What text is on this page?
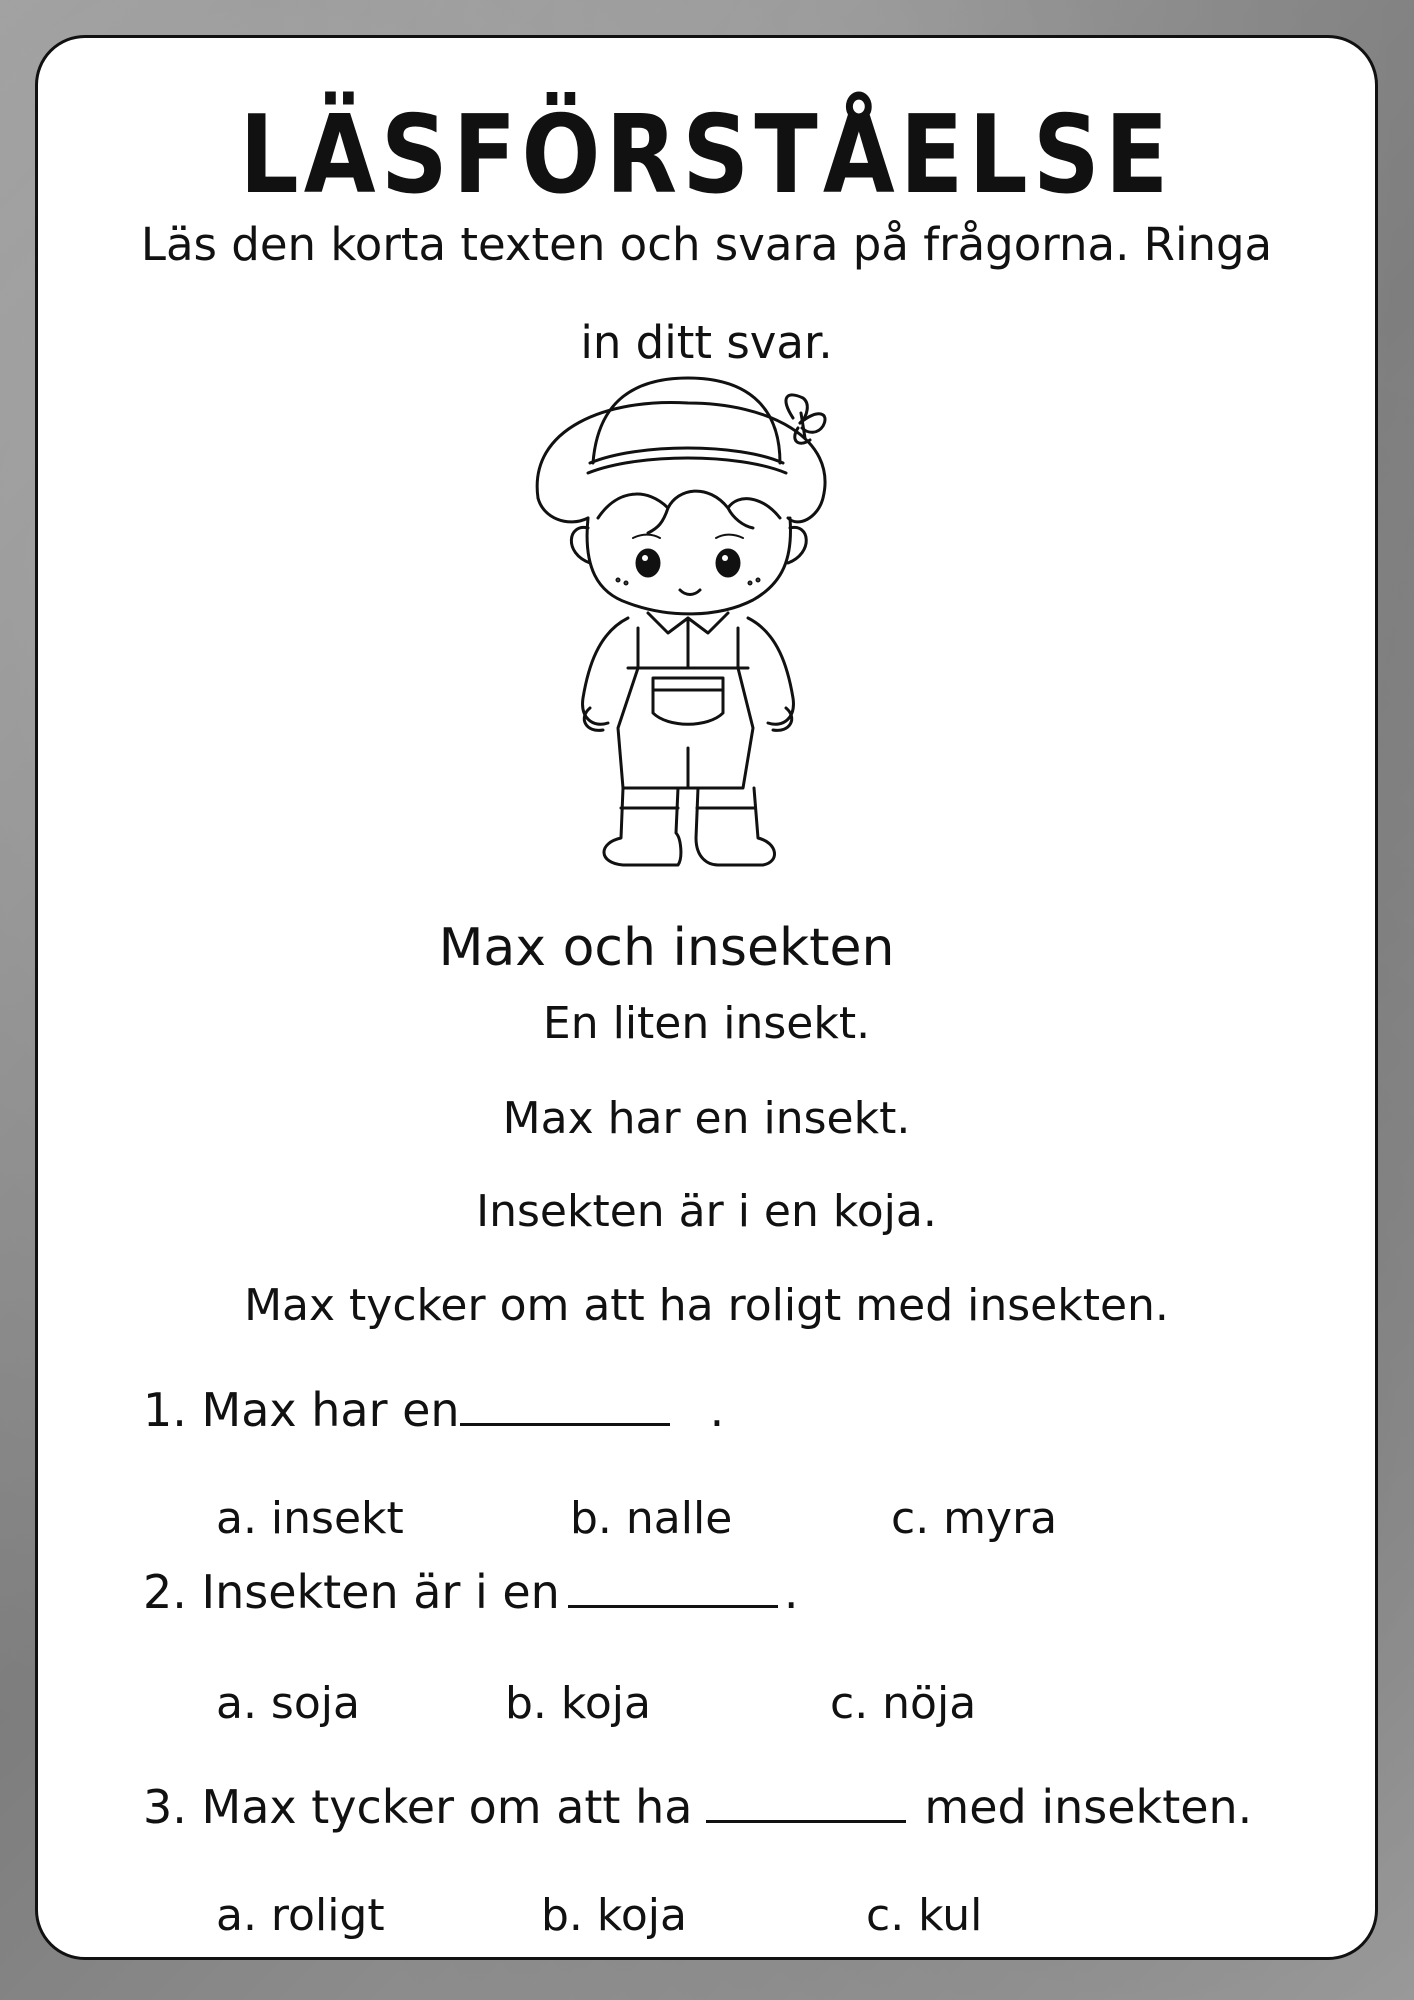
LÄSFÖRSTÅELSE
Läs den korta texten och svara på frågorna. Ringa
in ditt svar.
Max och insekten
En liten insekt.
Max har en insekt.
Insekten är i en koja.
Max tycker om att ha roligt med insekten.
1. Max har en	.
a. insekt	b. nalle	c. myra
2. Insekten är i en	.
a. soja	b. koja	c. nöja
3. Max tycker om att ha	med insekten.
a. roligt	b. koja	c. kul
